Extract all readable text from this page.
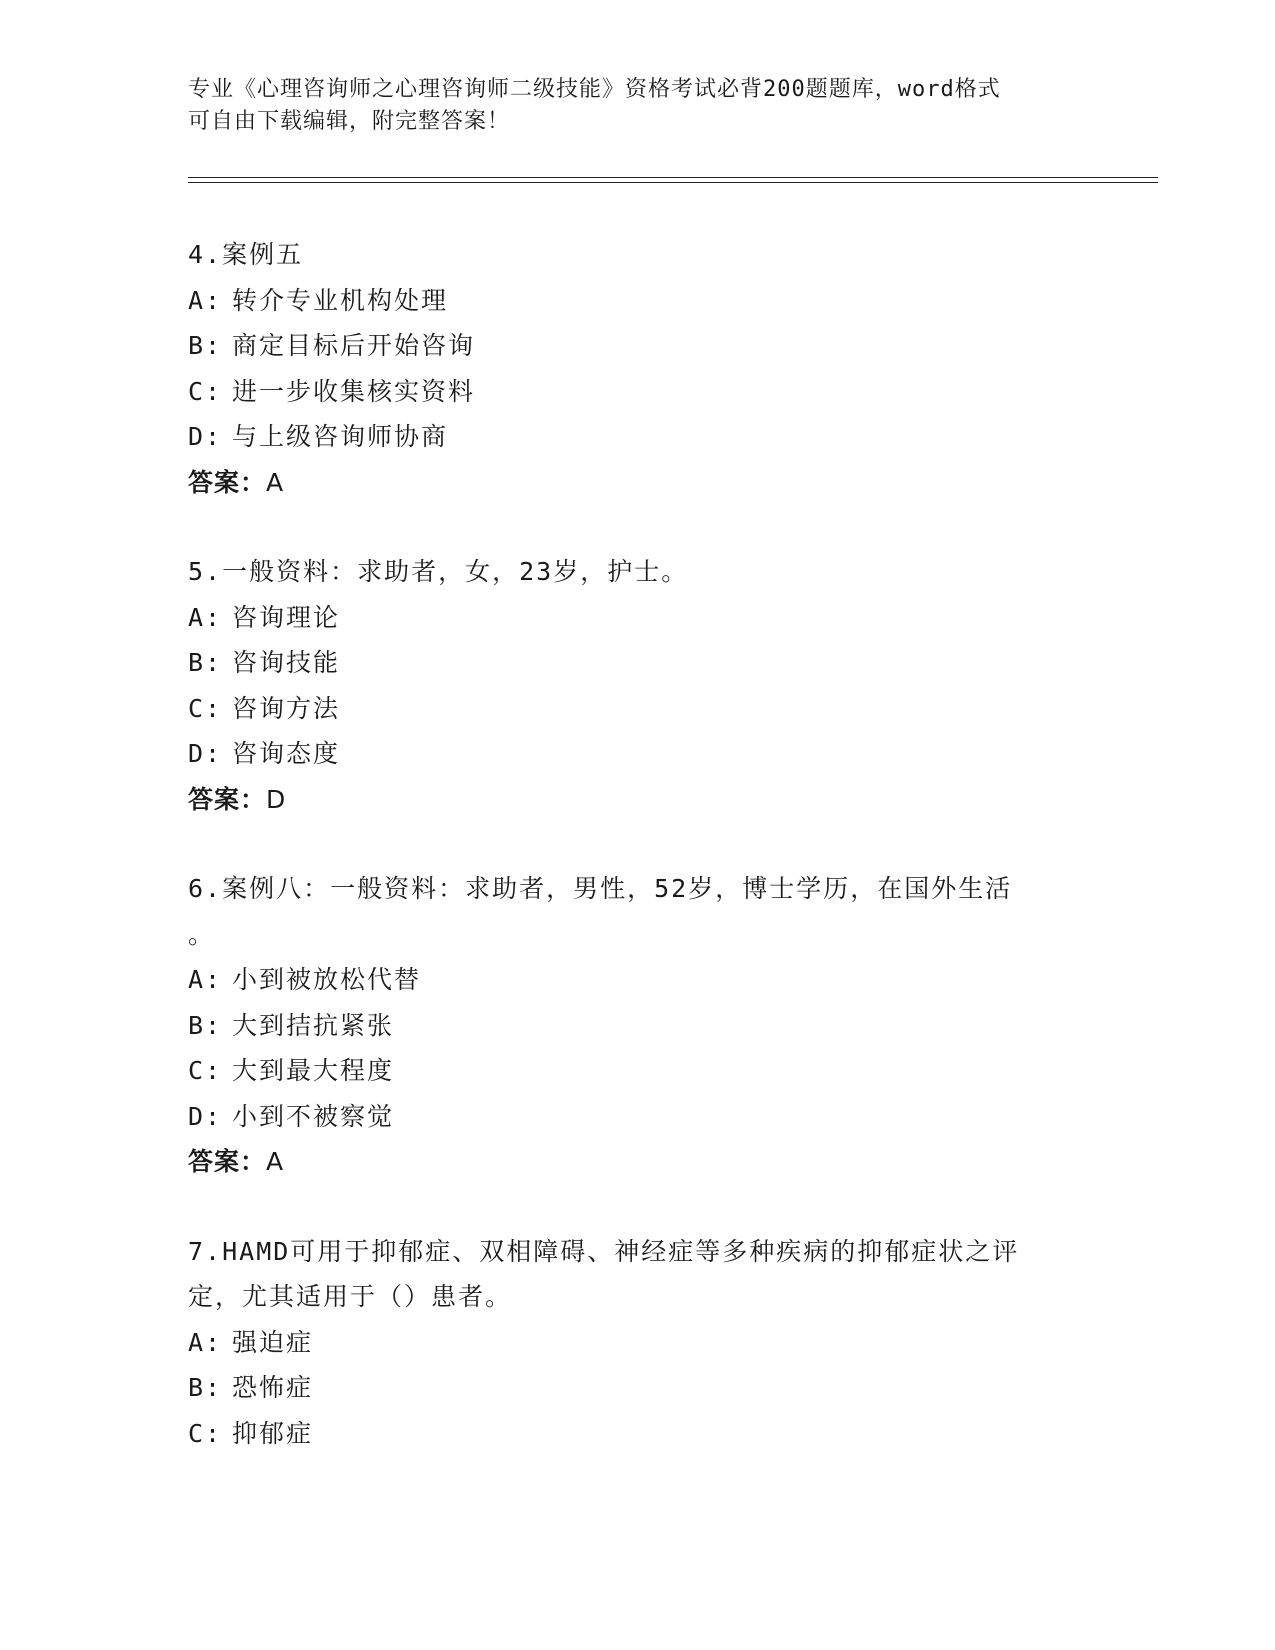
专业《心理咨询师之心理咨询师二级技能》资格考试必背200题题库，word格式
可自由下载编辑，附完整答案！
4.案例五
A: 转介专业机构处理
B: 商定目标后开始咨询
C: 进一步收集核实资料
D: 与上级咨询师协商
答案：A
5.一般资料：求助者，女，23岁，护士。
A: 咨询理论
B: 咨询技能
C: 咨询方法
D: 咨询态度
答案：D
6.案例八：一般资料：求助者，男性，52岁，博士学历，在国外生活
。
A: 小到被放松代替
B: 大到拮抗紧张
C: 大到最大程度
D: 小到不被察觉
答案：A
7.HAMD可用于抑郁症、双相障碍、神经症等多种疾病的抑郁症状之评
定，尤其适用于（）患者。
A: 强迫症
B: 恐怖症
C: 抑郁症
